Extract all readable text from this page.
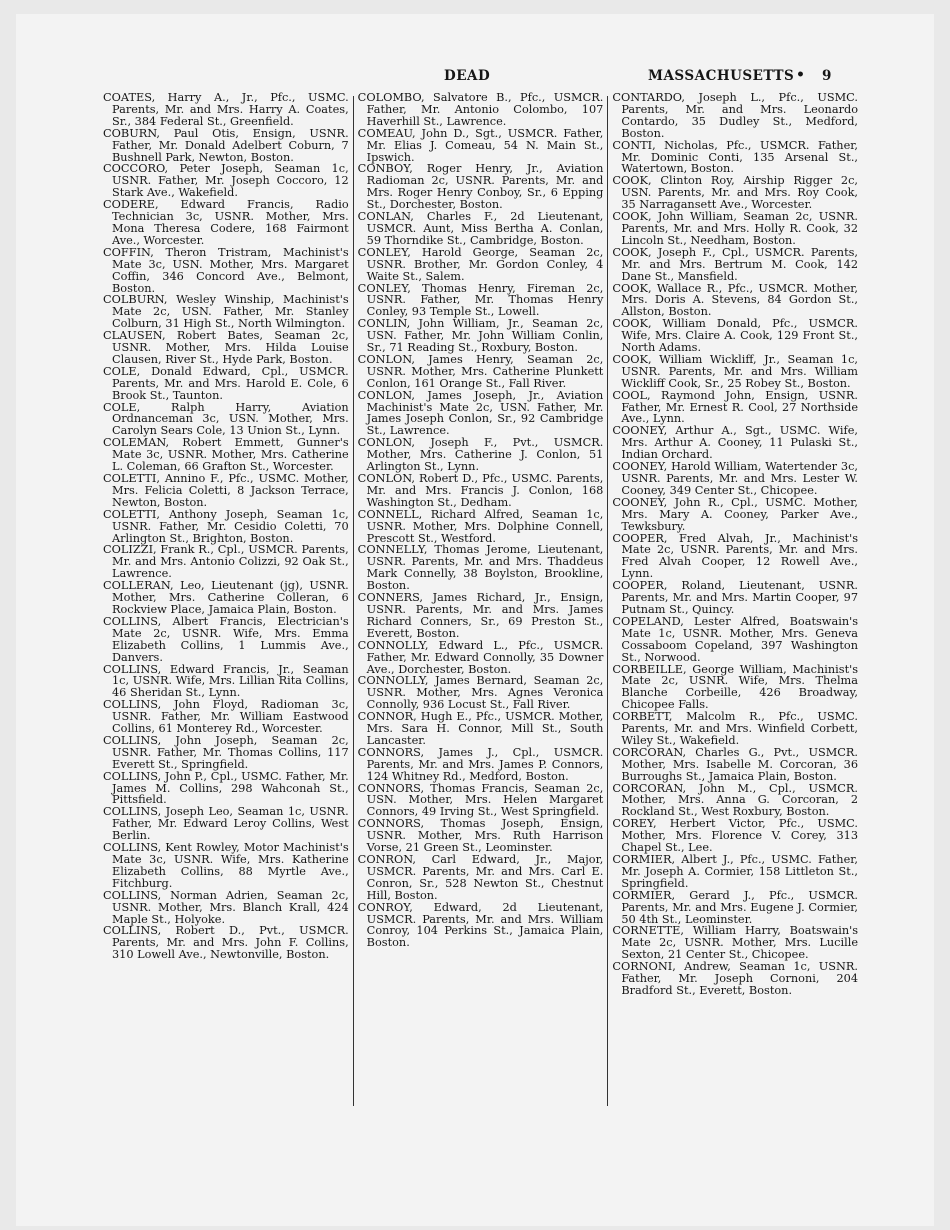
DEAD	MASSACHUSETTS • 9

COATES, Harry A., Jr., Pfc., USMC. Parents, Mr. and Mrs. Harry A. Coates, Sr., 384 Federal St., Greenfield.

COBURN, Paul Otis, Ensign, USNR. Father, Mr. Donald Adelbert Coburn, 7 Bushnell Park, Newton, Boston.

COCCORO, Peter Joseph, Seaman 1c, USNR. Father, Mr. Joseph Coccoro, 12 Stark Ave., Wakefield.

CODERE, Edward Francis, Radio Technician 3c, USNR. Mother, Mrs. Mona Theresa Codere, 168 Fairmont Ave., Worcester.

COFFIN, Theron Tristram, Machinist's Mate 3c, USN. Mother, Mrs. Margaret Coffin, 346 Concord Ave., Belmont, Boston.

COLBURN, Wesley Winship, Machinist's Mate 2c, USN. Father, Mr. Stanley Colburn, 31 High St., North Wilmington.

CLAUSEN, Robert Bates, Seaman 2c, USNR. Mother, Mrs. Hilda Louise Clausen, River St., Hyde Park, Boston.

COLE, Donald Edward, Cpl., USMCR. Parents, Mr. and Mrs. Harold E. Cole, 6 Brook St., Taunton.

COLE, Ralph Harry, Aviation Ordnanceman 3c, USN. Mother, Mrs. Carolyn Sears Cole, 13 Union St., Lynn.

COLEMAN, Robert Emmett, Gunner's Mate 3c, USNR. Mother, Mrs. Catherine L. Coleman, 66 Grafton St., Worcester.

COLETTI, Annino F., Pfc., USMC. Mother, Mrs. Felicia Coletti, 8 Jackson Terrace, Newton, Boston.

COLETTI, Anthony Joseph, Seaman 1c, USNR. Father, Mr. Cesidio Coletti, 70 Arlington St., Brighton, Boston.

COLIZZI, Frank R., Cpl., USMCR. Parents, Mr. and Mrs. Antonio Colizzi, 92 Oak St., Lawrence.

COLLERAN, Leo, Lieutenant (jg), USNR. Mother, Mrs. Catherine Colleran, 6 Rockview Place, Jamaica Plain, Boston.

COLLINS, Albert Francis, Electrician's Mate 2c, USNR. Wife, Mrs. Emma Elizabeth Collins, 1 Lummis Ave., Danvers.

COLLINS, Edward Francis, Jr., Seaman 1c, USNR. Wife, Mrs. Lillian Rita Collins, 46 Sheridan St., Lynn.

COLLINS, John Floyd, Radioman 3c, USNR. Father, Mr. William Eastwood Collins, 61 Monterey Rd., Worcester.

COLLINS, John Joseph, Seaman 2c, USNR. Father, Mr. Thomas Collins, 117 Everett St., Springfield.

COLLINS, John P., Cpl., USMC. Father, Mr. James M. Collins, 298 Wahconah St., Pittsfield.

COLLINS, Joseph Leo, Seaman 1c, USNR. Father, Mr. Edward Leroy Collins, West Berlin.

COLLINS, Kent Rowley, Motor Machinist's Mate 3c, USNR. Wife, Mrs. Katherine Elizabeth Collins, 88 Myrtle Ave., Fitchburg.

COLLINS, Norman Adrien, Seaman 2c, USNR. Mother, Mrs. Blanch Krall, 424 Maple St., Holyoke.

COLLINS, Robert D., Pvt., USMCR. Parents, Mr. and Mrs. John F. Collins, 310 Lowell Ave., Newtonville, Boston.

COLOMBO, Salvatore B., Pfc., USMCR. Father, Mr. Antonio Colombo, 107 Haverhill St., Lawrence.

COMEAU, John D., Sgt., USMCR. Father, Mr. Elias J. Comeau, 54 N. Main St., Ipswich.

CONBOY, Roger Henry, Jr., Aviation Radioman 2c, USNR. Parents, Mr. and Mrs. Roger Henry Conboy, Sr., 6 Epping St., Dorchester, Boston.

CONLAN, Charles F., 2d Lieutenant, USMCR. Aunt, Miss Bertha A. Conlan, 59 Thorndike St., Cambridge, Boston.

CONLEY, Harold George, Seaman 2c, USNR. Brother, Mr. Gordon Conley, 4 Waite St., Salem.

CONLEY, Thomas Henry, Fireman 2c, USNR. Father, Mr. Thomas Henry Conley, 93 Temple St., Lowell.

CONLIN, John William, Jr., Seaman 2c, USN. Father, Mr. John William Conlin, Sr., 71 Reading St., Roxbury, Boston.

CONLON, James Henry, Seaman 2c, USNR. Mother, Mrs. Catherine Plunkett Conlon, 161 Orange St., Fall River.

CONLON, James Joseph, Jr., Aviation Machinist's Mate 2c, USN. Father, Mr. James Joseph Conlon, Sr., 92 Cambridge St., Lawrence.

CONLON, Joseph F., Pvt., USMCR. Mother, Mrs. Catherine J. Conlon, 51 Arlington St., Lynn.

CONLON, Robert D., Pfc., USMC. Parents, Mr. and Mrs. Francis J. Conlon, 168 Washington St., Dedham.

CONNELL, Richard Alfred, Seaman 1c, USNR. Mother, Mrs. Dolphine Connell, Prescott St., Westford.

CONNELLY, Thomas Jerome, Lieutenant, USNR. Parents, Mr. and Mrs. Thaddeus Mark Connelly, 38 Boylston, Brookline, Boston.

CONNERS, James Richard, Jr., Ensign, USNR. Parents, Mr. and Mrs. James Richard Conners, Sr., 69 Preston St., Everett, Boston.

CONNOLLY, Edward L., Pfc., USMCR. Father, Mr. Edward Connolly, 35 Downer Ave., Dorchester, Boston.

CONNOLLY, James Bernard, Seaman 2c, USNR. Mother, Mrs. Agnes Veronica Connolly, 936 Locust St., Fall River.

CONNOR, Hugh E., Pfc., USMCR. Mother, Mrs. Sara H. Connor, Mill St., South Lancaster.

CONNORS, James J., Cpl., USMCR. Parents, Mr. and Mrs. James P. Connors, 124 Whitney Rd., Medford, Boston.

CONNORS, Thomas Francis, Seaman 2c, USN. Mother, Mrs. Helen Margaret Connors, 49 Irving St., West Springfield.

CONNORS, Thomas Joseph, Ensign, USNR. Mother, Mrs. Ruth Harrison Vorse, 21 Green St., Leominster.

CONRON, Carl Edward, Jr., Major, USMCR. Parents, Mr. and Mrs. Carl E. Conron, Sr., 528 Newton St., Chestnut Hill, Boston.

CONROY, Edward, 2d Lieutenant, USMCR. Parents, Mr. and Mrs. William Conroy, 104 Perkins St., Jamaica Plain, Boston.

CONTARDO, Joseph L., Pfc., USMC. Parents, Mr. and Mrs. Leonardo Contardo, 35 Dudley St., Medford, Boston.

CONTI, Nicholas, Pfc., USMCR. Father, Mr. Dominic Conti, 135 Arsenal St., Watertown, Boston.

COOK, Clinton Roy, Airship Rigger 2c, USN. Parents, Mr. and Mrs. Roy Cook, 35 Narragansett Ave., Worcester.

COOK, John William, Seaman 2c, USNR. Parents, Mr. and Mrs. Holly R. Cook, 32 Lincoln St., Needham, Boston.

COOK, Joseph F., Cpl., USMCR. Parents, Mr. and Mrs. Bertrum M. Cook, 142 Dane St., Mansfield.

COOK, Wallace R., Pfc., USMCR. Mother, Mrs. Doris A. Stevens, 84 Gordon St., Allston, Boston.

COOK, William Donald, Pfc., USMCR. Wife, Mrs. Claire A. Cook, 129 Front St., North Adams.

COOK, William Wickliff, Jr., Seaman 1c, USNR. Parents, Mr. and Mrs. William Wickliff Cook, Sr., 25 Robey St., Boston.

COOL, Raymond John, Ensign, USNR. Father, Mr. Ernest R. Cool, 27 Northside Ave., Lynn.

COONEY, Arthur A., Sgt., USMC. Wife, Mrs. Arthur A. Cooney, 11 Pulaski St., Indian Orchard.

COONEY, Harold William, Watertender 3c, USNR. Parents, Mr. and Mrs. Lester W. Cooney, 349 Center St., Chicopee.

COONEY, John R., Cpl., USMC. Mother, Mrs. Mary A. Cooney, Parker Ave., Tewksbury.

COOPER, Fred Alvah, Jr., Machinist's Mate 2c, USNR. Parents, Mr. and Mrs. Fred Alvah Cooper, 12 Rowell Ave., Lynn.

COOPER, Roland, Lieutenant, USNR. Parents, Mr. and Mrs. Martin Cooper, 97 Putnam St., Quincy.

COPELAND, Lester Alfred, Boatswain's Mate 1c, USNR. Mother, Mrs. Geneva Cossaboom Copeland, 397 Washington St., Norwood.

CORBEILLE, George William, Machinist's Mate 2c, USNR. Wife, Mrs. Thelma Blanche Corbeille, 426 Broadway, Chicopee Falls.

CORBETT, Malcolm R., Pfc., USMC. Parents, Mr. and Mrs. Winfield Corbett, Wiley St., Wakefield.

CORCORAN, Charles G., Pvt., USMCR. Mother, Mrs. Isabelle M. Corcoran, 36 Burroughs St., Jamaica Plain, Boston.

CORCORAN, John M., Cpl., USMCR. Mother, Mrs. Anna G. Corcoran, 2 Rockland St., West Roxbury, Boston.

COREY, Herbert Victor, Pfc., USMC. Mother, Mrs. Florence V. Corey, 313 Chapel St., Lee.

CORMIER, Albert J., Pfc., USMC. Father, Mr. Joseph A. Cormier, 158 Littleton St., Springfield.

CORMIER, Gerard J., Pfc., USMCR. Parents, Mr. and Mrs. Eugene J. Cormier, 50 4th St., Leominster.

CORNETTE, William Harry, Boatswain's Mate 2c, USNR. Mother, Mrs. Lucille Sexton, 21 Center St., Chicopee.

CORNONI, Andrew, Seaman 1c, USNR. Father, Mr. Joseph Cornoni, 204 Bradford St., Everett, Boston.
